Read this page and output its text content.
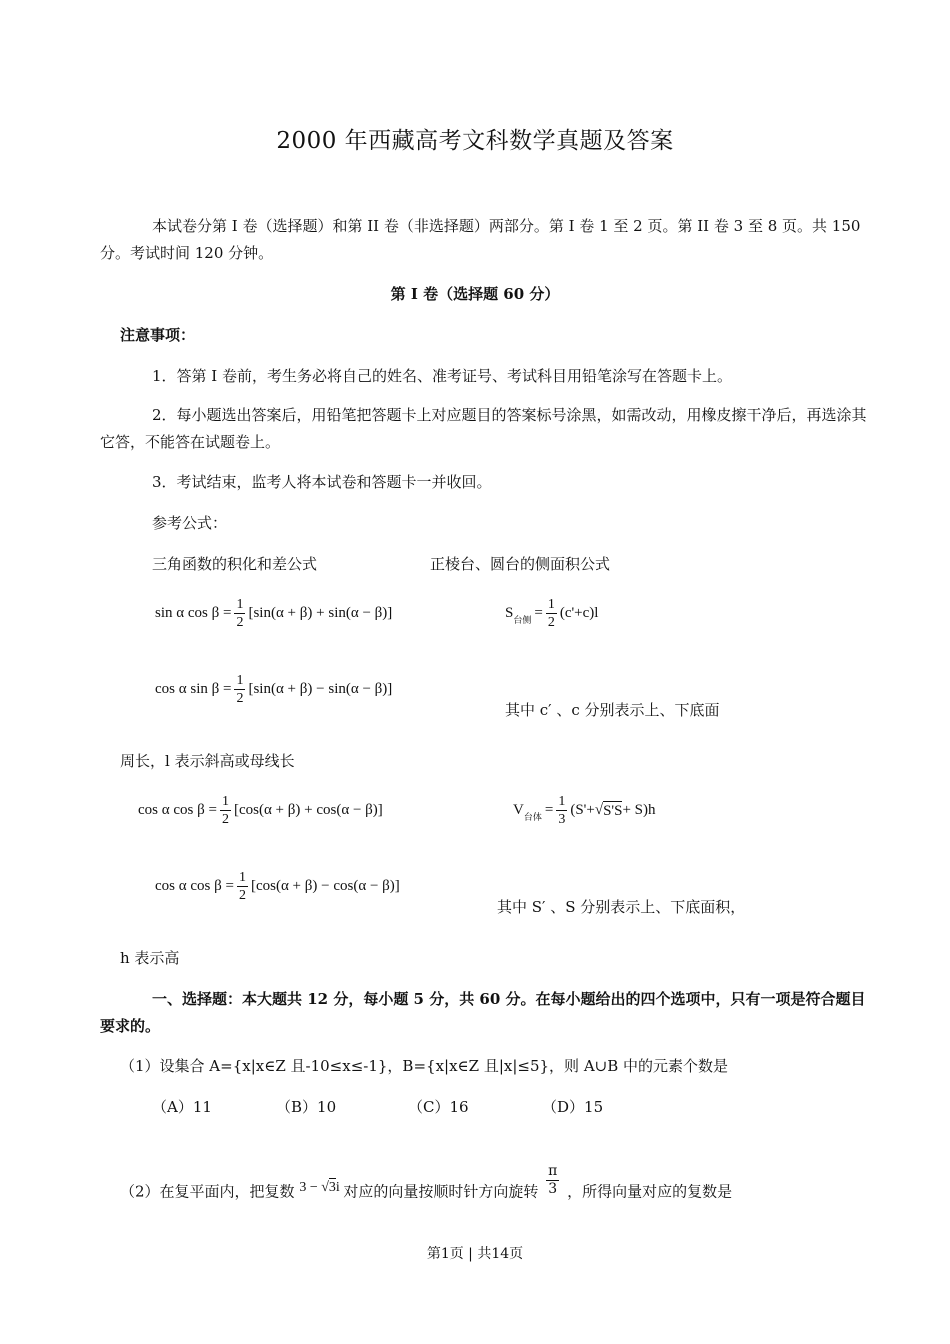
2000 年西藏高考文科数学真题及答案
本试卷分第 I 卷（选择题）和第 II 卷（非选择题）两部分。第 I 卷 1 至 2 页。第 II 卷 3 至 8 页。共 150 分。考试时间 120 分钟。
第 I 卷（选择题 60 分）
注意事项：
1．答第 I 卷前，考生务必将自己的姓名、准考证号、考试科目用铅笔涂写在答题卡上。
2．每小题选出答案后，用铅笔把答题卡上对应题目的答案标号涂黑，如需改动，用橡皮擦干净后，再选涂其它答，不能答在试题卷上。
3．考试结束，监考人将本试卷和答题卡一并收回。
参考公式：
三角函数的积化和差公式	正棱台、圆台的侧面积公式
sin α $\cos \beta = \frac{1}{2} [\sin(\alpha + \beta) + \sin(\alpha - \beta)]$	S 台侧 = $\frac{1}{2} (c'+c)l$
cos α $\sin \beta = \frac{1}{2} [\sin(\alpha + \beta) - \sin(\alpha - \beta)]$
其中 c′ 、c 分别表示上、下底面
周长，l 表示斜高或母线长
cos α $\cos \beta = \frac{1}{2} [\cos(\alpha + \beta) + \cos(\alpha - \beta)]$	V 台体 = $\frac{1}{3} (S'+$ √ S'S + S)h
cos α $\cos \beta = \frac{1}{2} [\cos(\alpha + \beta) - \cos(\alpha - \beta)]$
其中 S′ 、S 分别表示上、下底面积，
h 表示高
一、选择题：本大题共 12 分，每小题 5 分，共 60 分。在每小题给出的四个选项中，只有一项是符合题目要求的。
（1）设集合 A={x|x∈Z 且-10≤x≤-1}，B={x|x∈Z 且|x|≤5}，则 A∪B 中的元素个数是
（A）11	（B）10	（C）16	（D）15
（2）在复平面内，把复数 3 − √3i 对应的向量按顺时针方向旋转 $\frac{\pi}{3}$ ，所得向量对应的复数是
第1页 | 共14页
